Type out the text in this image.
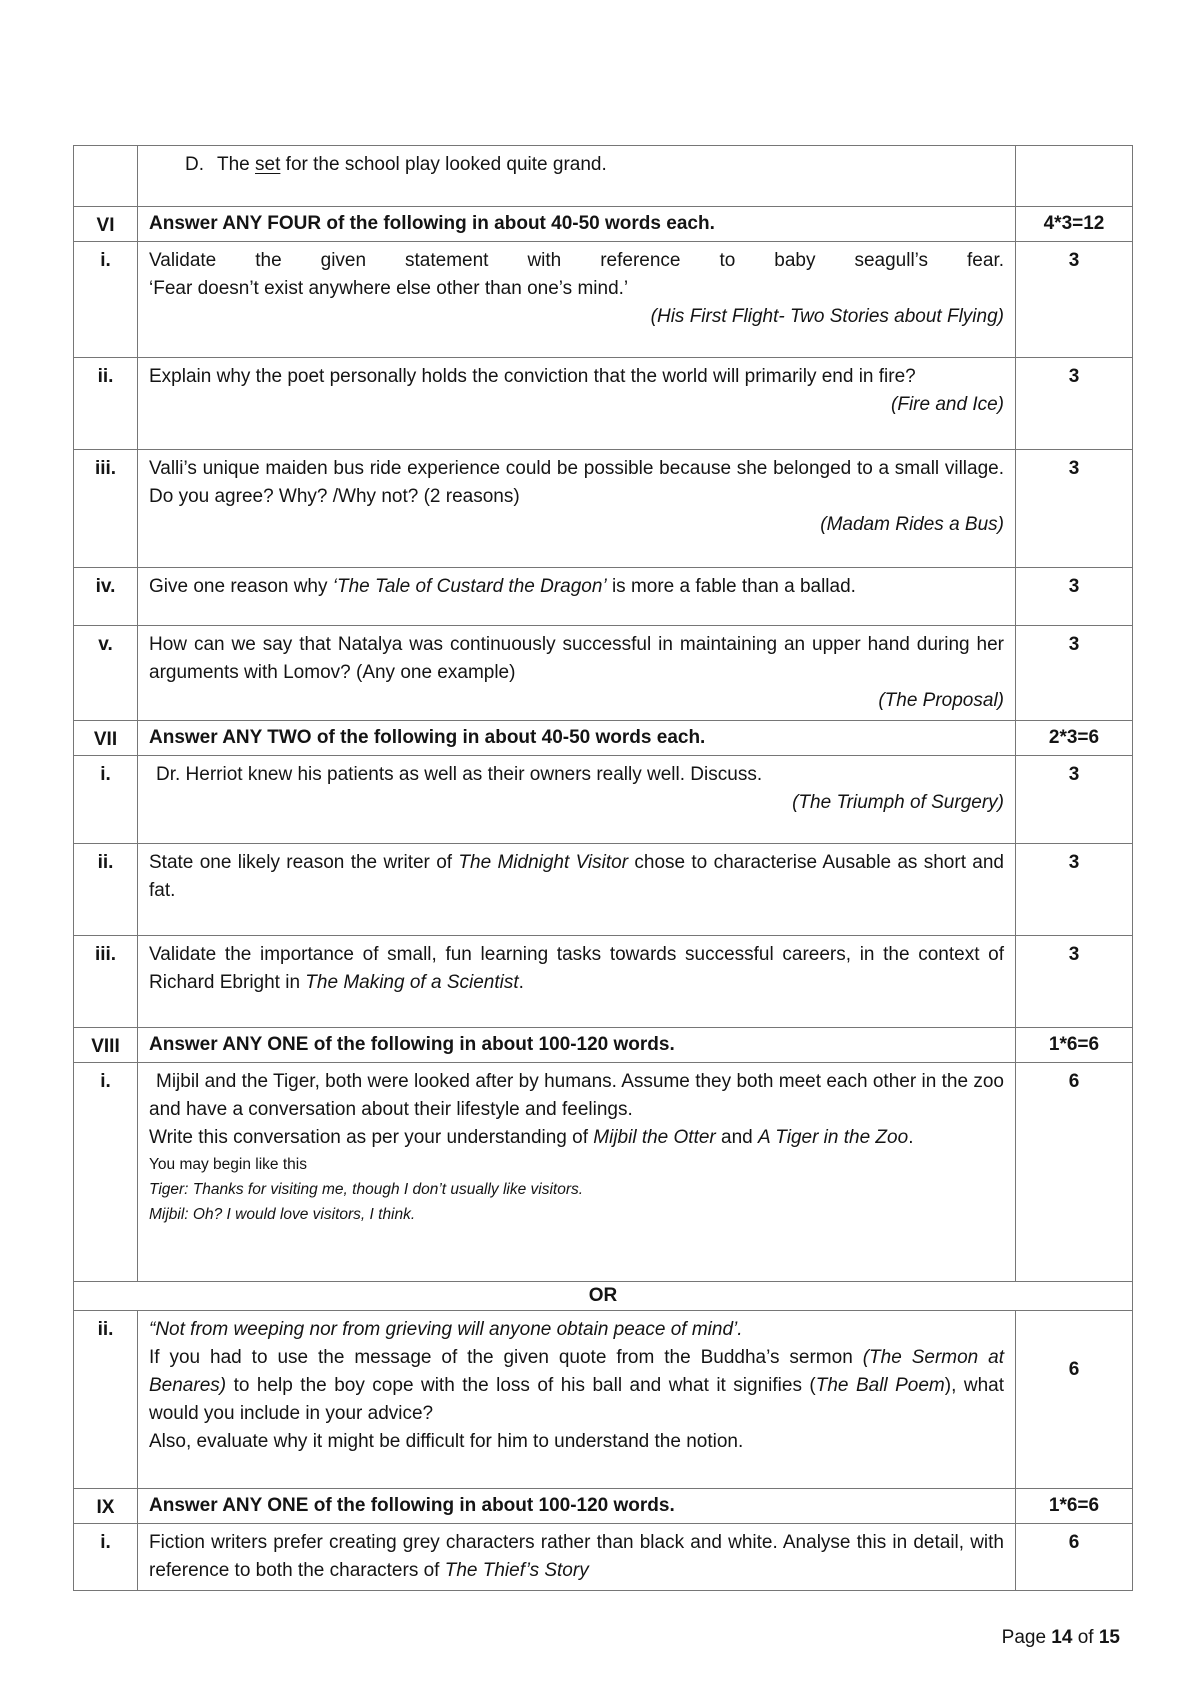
	D. The set for the school play looked quite grand.	

VI	Answer ANY FOUR of the following in about 40-50 words each.	4*3=12
i.	Validate the given statement with reference to baby seagull’s fear.
‘Fear doesn’t exist anywhere else other than one’s mind.’
(His First Flight- Two Stories about Flying)	3
ii.	Explain why the poet personally holds the conviction that the world will primarily end in fire?
(Fire and Ice)	3
iii.	Valli’s unique maiden bus ride experience could be possible because she belonged to a small village. Do you agree? Why? /Why not? (2 reasons)
(Madam Rides a Bus)	3
iv.	Give one reason why ‘The Tale of Custard the Dragon’ is more a fable than a ballad.	3
v.	How can we say that Natalya was continuously successful in maintaining an upper hand during her arguments with Lomov? (Any one example)
(The Proposal)	3
VII	Answer ANY TWO of the following in about 40-50 words each.	2*3=6
i.	Dr. Herriot knew his patients as well as their owners really well. Discuss.
(The Triumph of Surgery)	3
ii.	State one likely reason the writer of The Midnight Visitor chose to characterise Ausable as short and fat.	3
iii.	Validate the importance of small, fun learning tasks towards successful careers, in the context of Richard Ebright in The Making of a Scientist.	3
VIII	Answer ANY ONE of the following in about 100-120 words.	1*6=6
i.	Mijbil and the Tiger, both were looked after by humans. Assume they both meet each other in the zoo and have a conversation about their lifestyle and feelings.
Write this conversation as per your understanding of Mijbil the Otter and A Tiger in the Zoo.
You may begin like this
Tiger: Thanks for visiting me, though I don’t usually like visitors.
Mijbil: Oh? I would love visitors, I think.	6
OR		
ii.	“Not from weeping nor from grieving will anyone obtain peace of mind’.
If you had to use the message of the given quote from the Buddha’s sermon (The Sermon at Benares) to help the boy cope with the loss of his ball and what it signifies (The Ball Poem), what would you include in your advice?
Also, evaluate why it might be difficult for him to understand the notion.	6
IX	Answer ANY ONE of the following in about 100-120 words.	1*6=6
i.	Fiction writers prefer creating grey characters rather than black and white. Analyse this in detail, with reference to both the characters of The Thief’s Story	6
Page 14 of 15
